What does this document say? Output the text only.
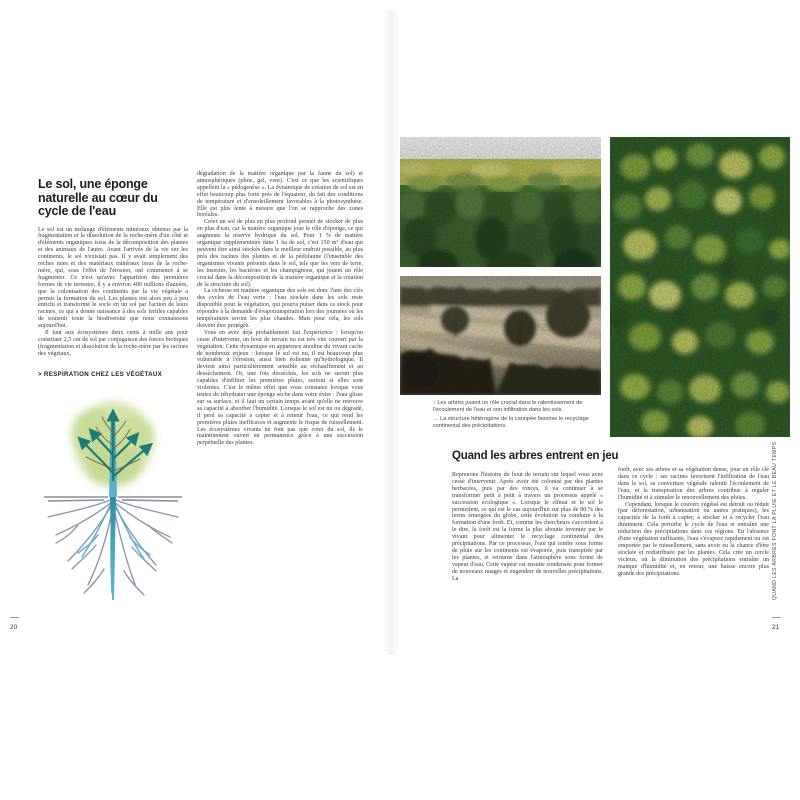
Le sol, une éponge naturelle au cœur du cycle de l'eau

Le sol est un mélange d'éléments minéraux obtenus par la fragmentation et la dissolution de la roche-mère d'un côté et d'éléments organiques issus de la décomposition des plantes et des animaux de l'autre. Avant l'arrivée de la vie sur les continents, le sol n'existait pas. Il y avait simplement des roches nues et des matériaux minéraux issus de la roche-mère, qui, sous l'effet de l'érosion, ont commencé à se fragmenter. Ce n'est qu'avec l'apparition des premières formes de vie terrestre, il y a environ 400 millions d'années, que la colonisation des continents par la vie végétale a permis la formation du sol. Les plantes ont alors peu à peu enrichi et transformé le socle en un sol par l'action de leurs racines, ce qui a donné naissance à des sols fertiles capables de soutenir toute la biodiversité que nous connaissons aujourd'hui.

Il faut aux écosystèmes deux cents à mille ans pour constituer 2,5 cm de sol par conjugaison des forces biotiques (fragmentation et dissolution de la roche-mère par les racines des végétaux,

> RESPIRATION CHEZ LES VÉGÉTAUX

dégradation de la matière organique par la faune du sol) et atmosphériques (pluie, gel, vent). C'est ce que les scientifiques appellent la « pédogenèse ». La dynamique de création de sol est en effet beaucoup plus forte près de l'équateur, du fait des conditions de température et d'ensoleillement favorables à la photosynthèse. Elle est plus lente à mesure que l'on se rapproche des zones boréales.

Créer un sol de plus en plus profond permet de stocker de plus en plus d'eau, car la matière organique joue le rôle d'éponge, ce qui augmente la réserve hydrique du sol. Pour 1 % de matière organique supplémentaire dans 1 ha de sol, c'est 150 m³ d'eau qui peuvent être ainsi stockés dans le meilleur endroit possible, au plus près des racines des plantes et de la pédofaune (l'ensemble des organismes vivants présents dans le sol, tels que les vers de terre, les insectes, les bactéries et les champignons, qui jouent un rôle crucial dans la décomposition de la matière organique et la création de la structure du sol).

La richesse en matière organique des sols est donc l'une des clés des cycles de l'eau verte : l'eau stockée dans les sols reste disponible pour la végétation, qui pourra puiser dans ce stock pour répondre à la demande d'évapotranspiration lors des journées où les températures seront les plus chaudes. Mais pour cela, les sols doivent être protégés.

Vous en avez déjà probablement fait l'expérience : lorsqu'on cesse d'intervenir, un bout de terrain nu est très vite couvert par la végétation. Cette dynamique en apparence anodine du vivant cache de nombreux enjeux : lorsque le sol est nu, il est beaucoup plus vulnérable à l'érosion, aussi bien éolienne qu'hydrologique. Il devient ainsi particulièrement sensible au réchauffement et au dessèchement. Or, une fois desséchés, les sols ne seront plus capables d'infiltrer les premières pluies, surtout si elles sont violentes. C'est le même effet que vous constatez lorsque vous tentez de réhydrater une éponge sèche dans votre évier : l'eau glisse sur sa surface, et il faut un certain temps avant qu'elle ne retrouve sa capacité à absorber l'humidité. Lorsque le sol est nu ou dégradé, il perd sa capacité à capter et à retenir l'eau, ce qui rend les premières pluies inefficaces et augmente le risque de ruissellement. Les écosystèmes vivants ne font pas que créer du sol, ils le maintiennent ouvert en permanence grâce à une succession perpétuelle des plantes.

20

↑ Les arbres jouent un rôle crucial dans le ralentissement de l'écoulement de l'eau et son infiltration dans les sols.

→ La structure hétérogène de la canopée favorise le recyclage continental des précipitations.

Quand les arbres entrent en jeu

Reprenons l'histoire du bout de terrain sur lequel vous avez cessé d'intervenir. Après avoir été colonisé par des plantes herbacées, puis par des ronces, il va continuer à se transformer petit à petit à travers un processus appelé « succession écologique ». Lorsque le climat et le sol le permettent, ce qui est le cas aujourd'hui sur plus de 80 % des terres émergées du globe, cette évolution va conduire à la formation d'une forêt. Et, comme les chercheurs s'accordent à le dire, la forêt est la forme la plus aboutie inventée par le vivant pour alimenter le recyclage continental des précipitations. Par ce processus, l'eau qui tombe sous forme de pluie sur les continents est évaporée, puis transpirée par les plantes, et retourne dans l'atmosphère sous forme de vapeur d'eau. Cette vapeur est ensuite condensée pour former de nouveaux nuages et engendrer de nouvelles précipitations. La

forêt, avec ses arbres et sa végétation dense, joue un rôle clé dans ce cycle : ses racines favorisent l'infiltration de l'eau dans le sol, sa couverture végétale ralentit l'écoulement de l'eau, et la transpiration des arbres contribue à réguler l'humidité et à stimuler le renouvellement des pluies.

Cependant, lorsque le couvert végétal est détruit ou réduit (par déforestation, urbanisation ou autres pratiques), les capacités de la forêt à capter, à stocker et à recycler l'eau diminuent. Cela perturbe le cycle de l'eau et entraîne une réduction des précipitations dans ces régions. En l'absence d'une végétation suffisante, l'eau s'évapore rapidement ou est emportée par le ruissellement, sans avoir eu la chance d'être stockée et redistribuée par les plantes. Cela crée un cercle vicieux, où la diminution des précipitations entraîne un manque d'humidité et, en retour, une baisse encore plus grande des précipitations.	QUAND LES ARBRES FONT LA PLUIE ET LE BEAU TEMPS
21
